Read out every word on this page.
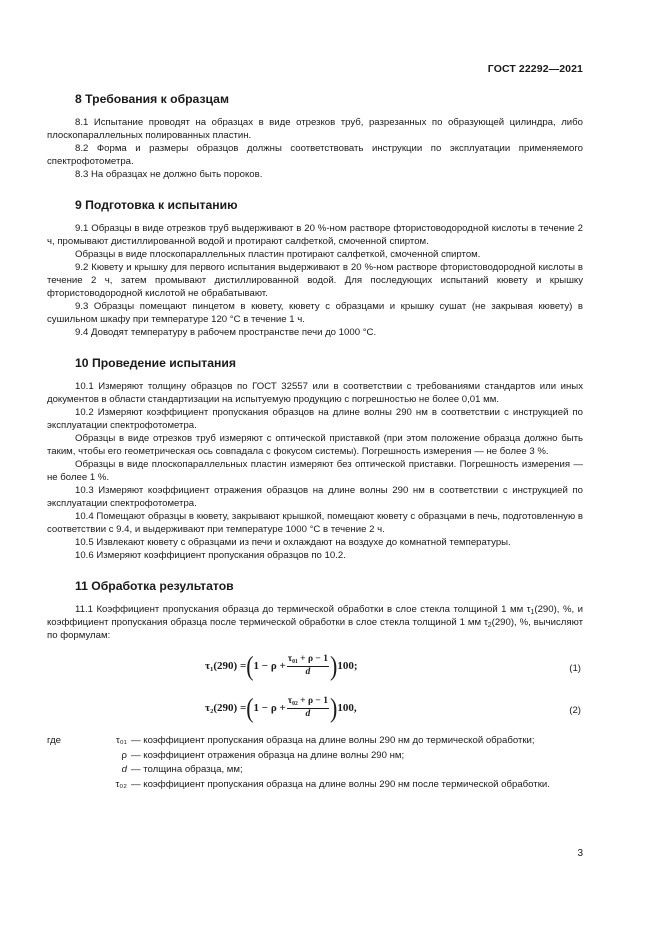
ГОСТ 22292—2021
8 Требования к образцам

8.1 Испытание проводят на образцах в виде отрезков труб, разрезанных по образующей цилиндра, либо плоскопараллельных полированных пластин.

8.2 Форма и размеры образцов должны соответствовать инструкции по эксплуатации применяемого спектрофотометра.

8.3 На образцах не должно быть пороков.

9 Подготовка к испытанию

9.1 Образцы в виде отрезков труб выдерживают в 20 %-ном растворе фтористоводородной кислоты в течение 2 ч, промывают дистиллированной водой и протирают салфеткой, смоченной спиртом.

Образцы в виде плоскопараллельных пластин протирают салфеткой, смоченной спиртом.

9.2 Кювету и крышку для первого испытания выдерживают в 20 %-ном растворе фтористоводородной кислоты в течение 2 ч, затем промывают дистиллированной водой. Для последующих испытаний кювету и крышку фтористоводородной кислотой не обрабатывают.

9.3 Образцы помещают пинцетом в кювету, кювету с образцами и крышку сушат (не закрывая кювету) в сушильном шкафу при температуре 120 °С в течение 1 ч.

9.4 Доводят температуру в рабочем пространстве печи до 1000 °С.

10 Проведение испытания

10.1 Измеряют толщину образцов по ГОСТ 32557 или в соответствии с требованиями стандартов или иных документов в области стандартизации на испытуемую продукцию с погрешностью не более 0,01 мм.

10.2 Измеряют коэффициент пропускания образцов на длине волны 290 нм в соответствии с инструкцией по эксплуатации спектрофотометра.

Образцы в виде отрезков труб измеряют с оптической приставкой (при этом положение образца должно быть таким, чтобы его геометрическая ось совпадала с фокусом системы). Погрешность измерения — не более 3 %.

Образцы в виде плоскопараллельных пластин измеряют без оптической приставки. Погрешность измерения — не более 1 %.

10.3 Измеряют коэффициент отражения образцов на длине волны 290 нм в соответствии с инструкцией по эксплуатации спектрофотометра.

10.4 Помещают образцы в кювету, закрывают крышкой, помещают кювету с образцами в печь, подготовленную в соответствии с 9.4, и выдерживают при температуре 1000 °С в течение 2 ч.

10.5 Извлекают кювету с образцами из печи и охлаждают на воздухе до комнатной температуры.

10.6 Измеряют коэффициент пропускания образцов по 10.2.

11 Обработка результатов

11.1 Коэффициент пропускания образца до термической обработки в слое стекла толщиной 1 мм $\tau_1(290)$, %, и коэффициент пропускания образца после термической обработки в слое стекла толщиной 1 мм $\tau_2(290)$, %, вычисляют по формулам:

τ₁(290) = ( $1 - \rho + \frac{\text{τ₀₁ + ρ − 1}}{d}$ ) 100;	(1)
τ₂(290) = ( $1 - \rho + \frac{\text{τ₀₂ + ρ − 1}}{d}$ ) 100,	(2)
где	τ₀₁ — коэффициент пропускания образца на длине волны 290 нм до термической обработки;
ρ — коэффициент отражения образца на длине волны 290 нм;
d — толщина образца, мм;
τ₀₂ — коэффициент пропускания образца на длине волны 290 нм после термической обработки.
3
